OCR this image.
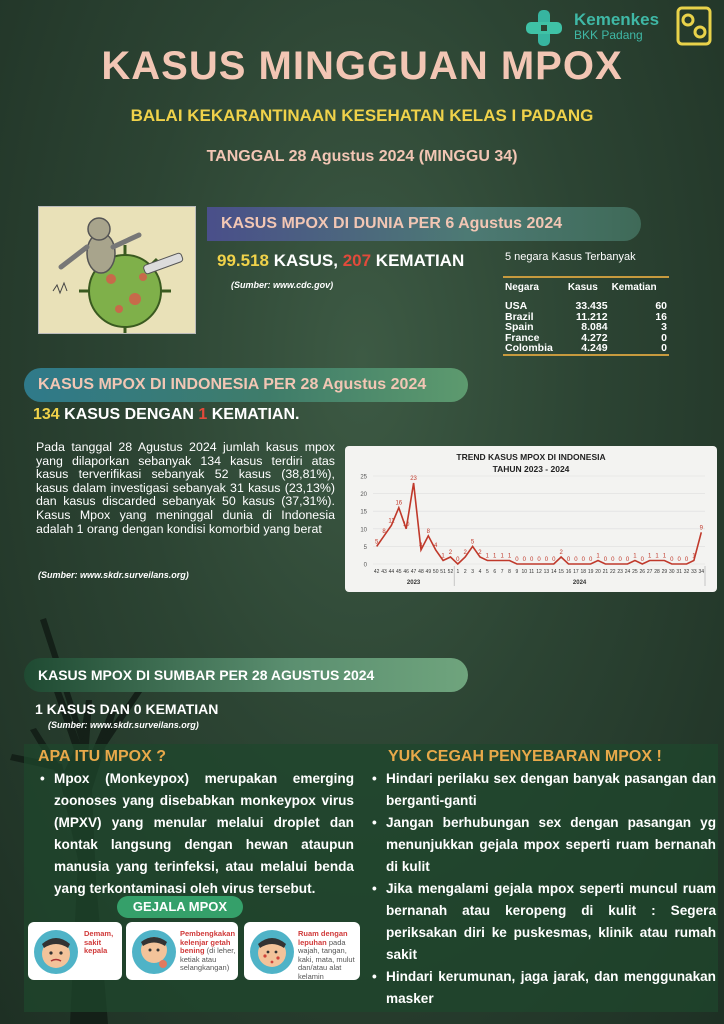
Kemenkes
BKK Padang
KASUS MINGGUAN MPOX
BALAI KEKARANTINAAN KESEHATAN KELAS I PADANG
TANGGAL 28 Agustus 2024 (MINGGU 34)
KASUS MPOX DI DUNIA PER 6 Agustus 2024
99.518 KASUS, 207 KEMATIAN
(Sumber: www.cdc.gov)
5 negara Kasus Terbanyak
Negara	Kasus	Kematian
USA	33.435	60
Brazil	11.212	16
Spain	8.084	3
France	4.272	0
Colombia	4.249	0
KASUS MPOX DI INDONESIA PER 28 Agustus 2024
134 KASUS DENGAN 1 KEMATIAN.
Pada tanggal 28 Agustus 2024 jumlah kasus mpox yang dilaporkan sebanyak 134 kasus terdiri atas kasus terverifikasi sebanyak 52 kasus (38,81%), kasus dalam investigasi sebanyak 31 kasus (23,13%) dan kasus discarded sebanyak 50 kasus (37,31%). Kasus Mpox yang meninggal dunia di Indonesia adalah 1 orang dengan kondisi komorbid yang berat
(Sumber: www.skdr.surveilans.org)
TREND KASUS MPOX DI INDONESIA
TAHUN 2023 - 2024
0
5
10
15
20
25
5
8
11
16
10
23
4
8
4
1
2
0
2
5
2
1 1 1 1
0 0 0 0 0 0
2
0 0 0 0
1
0 0 0 0
1
0
1 1 1
0 0 0
1
9
42 43 44 45 46 47 48 49 50 51 52 1 2 3 4 5 6 7 8 9 10 11 12 13 14 15 16 17 18 19 20 21 22 23 24 25 26 27 28 29 30 31 32 33 34
2023	2024
KASUS MPOX DI SUMBAR PER 28 AGUSTUS 2024
1 KASUS DAN 0 KEMATIAN
(Sumber: www.skdr.surveilans.org)
APA ITU MPOX ?
• Mpox (Monkeypox) merupakan emerging zoonoses yang disebabkan monkeypox virus (MPXV) yang menular melalui droplet dan kontak langsung dengan hewan ataupun manusia yang terinfeksi, atau melalui benda yang terkontaminasi oleh virus tersebut.
GEJALA MPOX
Demam, sakit kepala
Pembengkakan kelenjar getah bening (di leher, ketiak atau selangkangan)
Ruam dengan lepuhan pada wajah, tangan, kaki, mata, mulut dan/atau alat kelamin
YUK CEGAH PENYEBARAN MPOX !
• Hindari perilaku sex dengan banyak pasangan dan berganti-ganti
• Jangan berhubungan sex dengan pasangan yg menunjukkan gejala mpox seperti ruam bernanah di kulit
• Jika mengalami gejala mpox seperti muncul ruam bernanah atau keropeng di kulit : Segera periksakan diri ke puskesmas, klinik atau rumah sakit
• Hindari kerumunan, jaga jarak, dan menggunakan masker
